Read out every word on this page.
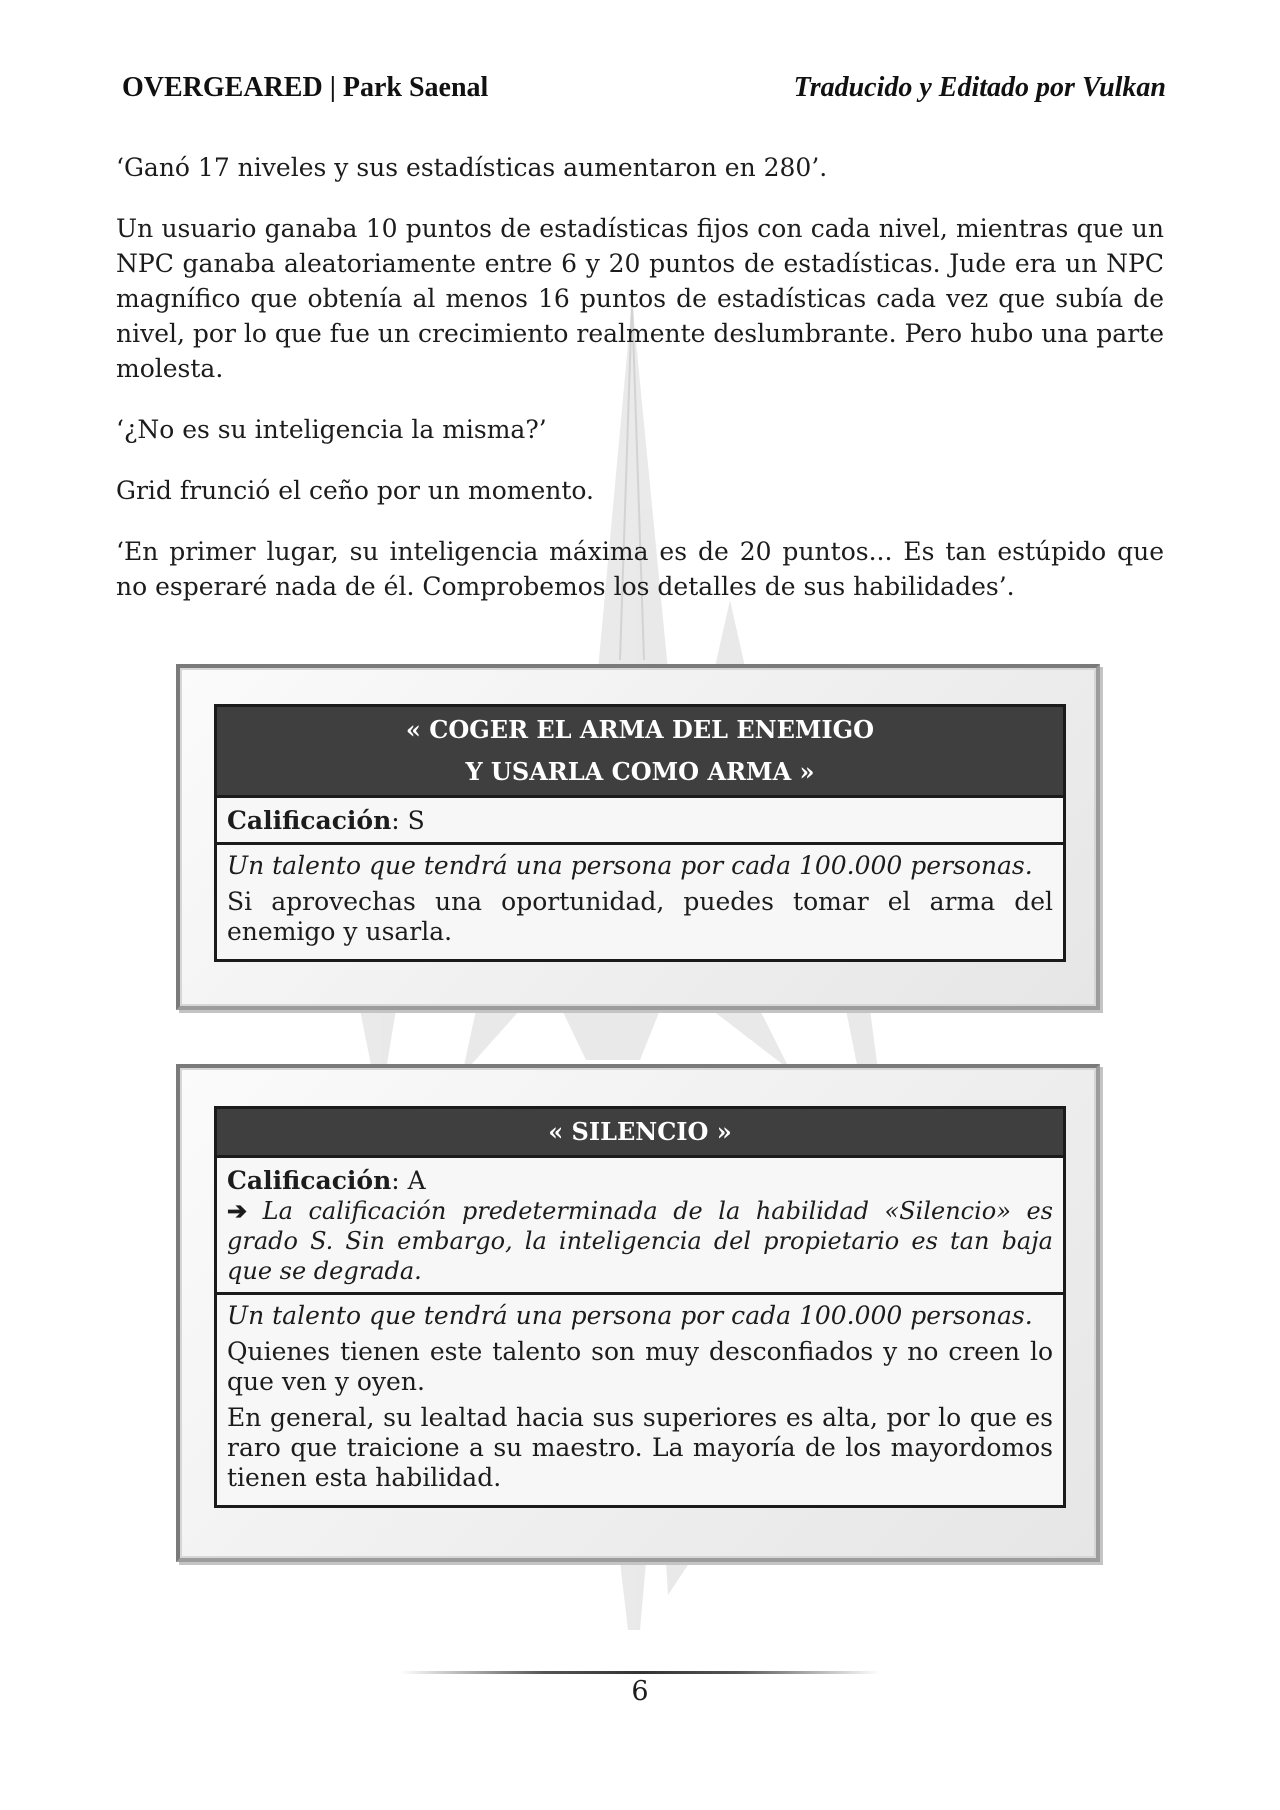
OVERGEARED | Park Saenal	Traducido y Editado por Vulkan

‘Ganó 17 niveles y sus estadísticas aumentaron en 280’.

Un usuario ganaba 10 puntos de estadísticas fijos con cada nivel, mientras que un NPC ganaba aleatoriamente entre 6 y 20 puntos de estadísticas. Jude era un NPC magnífico que obtenía al menos 16 puntos de estadísticas cada vez que subía de nivel, por lo que fue un crecimiento realmente deslumbrante. Pero hubo una parte molesta.

‘¿No es su inteligencia la misma?’

Grid frunció el ceño por un momento.

‘En primer lugar, su inteligencia máxima es de 20 puntos... Es tan estúpido que no esperaré nada de él. Comprobemos los detalles de sus habilidades’.

« COGER EL ARMA DEL ENEMIGO
Y USARLA COMO ARMA »
Calificación: S

Un talento que tendrá una persona por cada 100.000 personas.

Si aprovechas una oportunidad, puedes tomar el arma del enemigo y usarla.

« SILENCIO »
Calificación: A
➔ La calificación predeterminada de la habilidad «Silencio» es grado S. Sin embargo, la inteligencia del propietario es tan baja que se degrada.

Un talento que tendrá una persona por cada 100.000 personas.

Quienes tienen este talento son muy desconfiados y no creen lo que ven y oyen.

En general, su lealtad hacia sus superiores es alta, por lo que es raro que traicione a su maestro. La mayoría de los mayordomos tienen esta habilidad.

6
